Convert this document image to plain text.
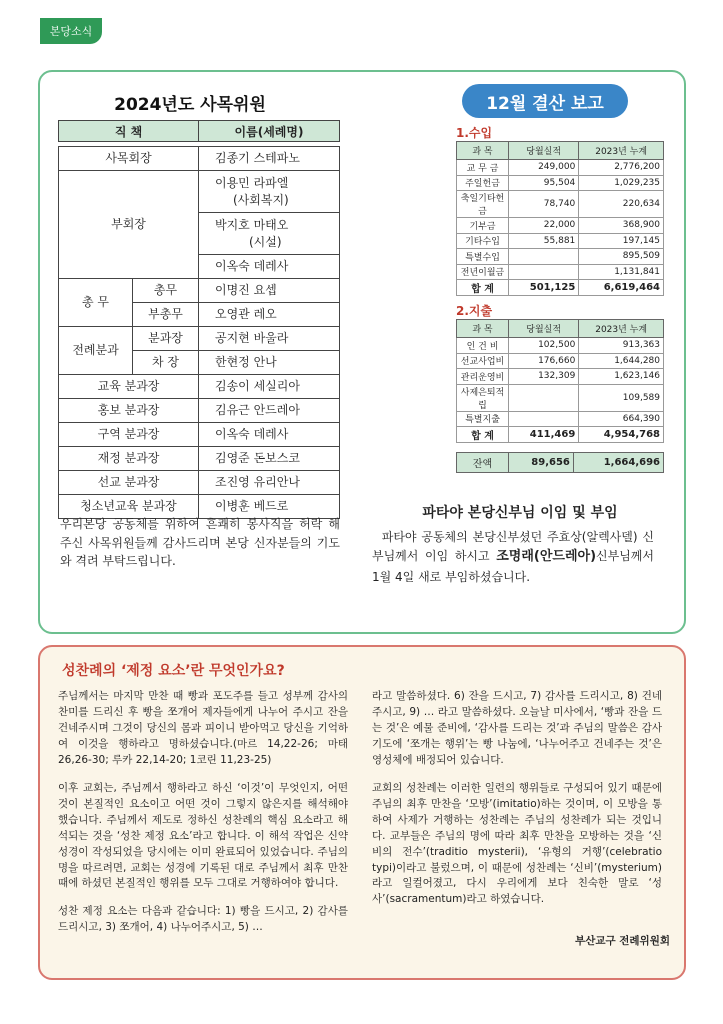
본당소식
2024년도 사목위원
직 책	이름(세례명)
사목회장		김종기 스테파노
부회장		이용민 라파엘
(사회복지)

		박지호 마태오
(시설)

		이옥숙 데레사
총 무	총무	이명진 요셉
	부총무	오영관 레오
전례분과	분과장	공지현 바울라
	차 장	한현정 안나
교육 분과장		김송이 세실리아
홍보 분과장		김유근 안드레아
구역 분과장		이옥숙 데레사
재정 분과장		김영준 돈보스코
선교 분과장		조진영 유리안나
청소년교육 분과장		이병훈 베드로
우리본당 공동체를 위하여 흔쾌히 봉사직을 허락 해 주신 사목위원들께 감사드리며 본당 신자분들의 기도와 격려 부탁드립니다.
12월 결산 보고
1.수입
과 목	당월실적	2023년 누계
교 무 금	249,000	2,776,200
주일헌금	95,504	1,029,235
축일기타헌금	78,740	220,634
기부금	22,000	368,900
기타수입	55,881	197,145
특별수입		895,509
전년이월금		1,131,841
합 계	501,125	6,619,464
2.지출
과 목	당월실적	2023년 누계
인 건 비	102,500	913,363
선교사업비	176,660	1,644,280
관리운영비	132,309	1,623,146
사제은퇴적립		109,589
특별지출		664,390
합 계	411,469	4,954,768
잔액	89,656	1,664,696
파타야 본당신부님 이임 및 부임
파타야 공동체의 본당신부셨던 주효상(알렉사델) 신부님께서 이임 하시고 조명래(안드레아)신부님께서 1월 4일 새로 부임하셨습니다.
성찬례의 ‘제정 요소’란 무엇인가요?

주님께서는 마지막 만찬 때 빵과 포도주를 들고 성부께 감사의 찬미를 드리신 후 빵을 쪼개어 제자들에게 나누어 주시고 잔을 건네주시며 그것이 당신의 몸과 피이니 받아먹고 당신을 기억하여 이것을 행하라고 명하셨습니다.(마르 14,22-26; 마태 26,26-30; 루카 22,14-20; 1코린 11,23-25)

이후 교회는, 주님께서 행하라고 하신 ‘이것’이 무엇인지, 어떤 것이 본질적인 요소이고 어떤 것이 그렇지 않은지를 해석해야 했습니다. 주님께서 제도로 정하신 성찬례의 핵심 요소라고 해석되는 것을 ‘성찬 제정 요소’라고 합니다. 이 해석 작업은 신약 성경이 작성되었을 당시에는 이미 완료되어 있었습니다. 주님의 명을 따르려면, 교회는 성경에 기록된 대로 주님께서 최후 만찬 때에 하셨던 본질적인 행위를 모두 그대로 거행하여야 합니다.

성찬 제정 요소는 다음과 같습니다: 1) 빵을 드시고, 2) 감사를 드리시고, 3) 쪼개어, 4) 나누어주시고, 5) …

라고 말씀하셨다. 6) 잔을 드시고, 7) 감사를 드리시고, 8) 건네주시고, 9) … 라고 말씀하셨다. 오늘날 미사에서, ‘빵과 잔을 드는 것’은 예물 준비에, ‘감사를 드리는 것’과 주님의 말씀은 감사 기도에 ‘쪼개는 행위’는 빵 나눔에, ‘나누어주고 건네주는 것’은 영성체에 배정되어 있습니다.

교회의 성찬례는 이러한 일련의 행위들로 구성되어 있기 때문에 주님의 최후 만찬을 ‘모방’(imitatio)하는 것이며, 이 모방을 통하여 사제가 거행하는 성찬례는 주님의 성찬례가 되는 것입니다. 교부들은 주님의 명에 따라 최후 만찬을 모방하는 것을 ‘신비의 전수’(traditio mysterii), ‘유형의 거행’(celebratio typi)이라고 불렀으며, 이 때문에 성찬례는 ‘신비’(mysterium)라고 일컬어졌고, 다시 우리에게 보다 친숙한 말로 ‘성사’(sacramentum)라고 하였습니다.

부산교구 전례위원회
